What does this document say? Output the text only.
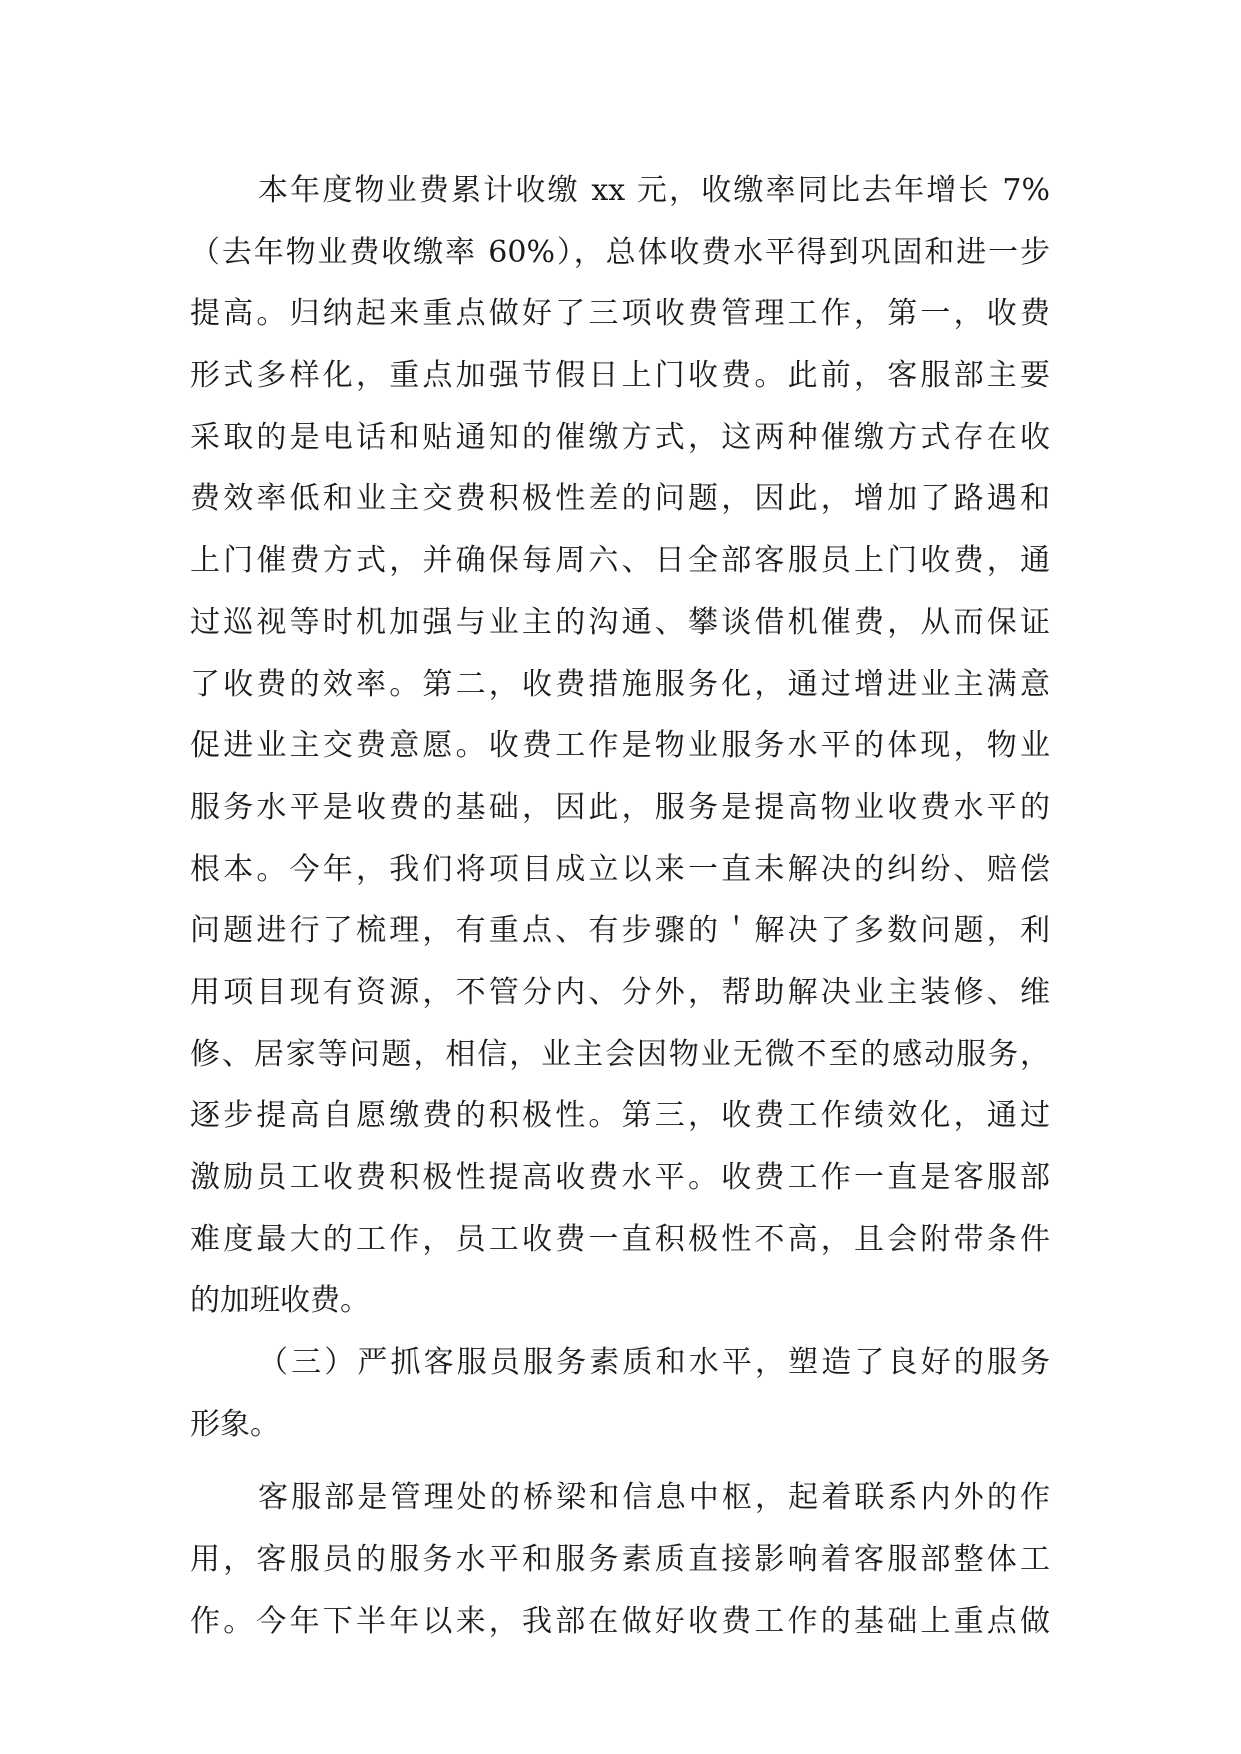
本年度物业费累计收缴 xx 元，收缴率同比去年增长 7%
（去年物业费收缴率 60%），总体收费水平得到巩固和进一步
提高。归纳起来重点做好了三项收费管理工作，第一，收费
形式多样化，重点加强节假日上门收费。此前，客服部主要
采取的是电话和贴通知的催缴方式，这两种催缴方式存在收
费效率低和业主交费积极性差的问题，因此，增加了路遇和
上门催费方式，并确保每周六、日全部客服员上门收费，通
过巡视等时机加强与业主的沟通、攀谈借机催费，从而保证
了收费的效率。第二，收费措施服务化，通过增进业主满意
促进业主交费意愿。收费工作是物业服务水平的体现，物业
服务水平是收费的基础，因此，服务是提高物业收费水平的
根本。今年，我们将项目成立以来一直未解决的纠纷、赔偿
问题进行了梳理，有重点、有步骤的＇解决了多数问题，利
用项目现有资源，不管分内、分外，帮助解决业主装修、维
修、居家等问题，相信，业主会因物业无微不至的感动服务，
逐步提高自愿缴费的积极性。第三，收费工作绩效化，通过
激励员工收费积极性提高收费水平。收费工作一直是客服部
难度最大的工作，员工收费一直积极性不高，且会附带条件
的加班收费。
（三）严抓客服员服务素质和水平，塑造了良好的服务
形象。
客服部是管理处的桥梁和信息中枢，起着联系内外的作
用，客服员的服务水平和服务素质直接影响着客服部整体工
作。今年下半年以来，我部在做好收费工作的基础上重点做
